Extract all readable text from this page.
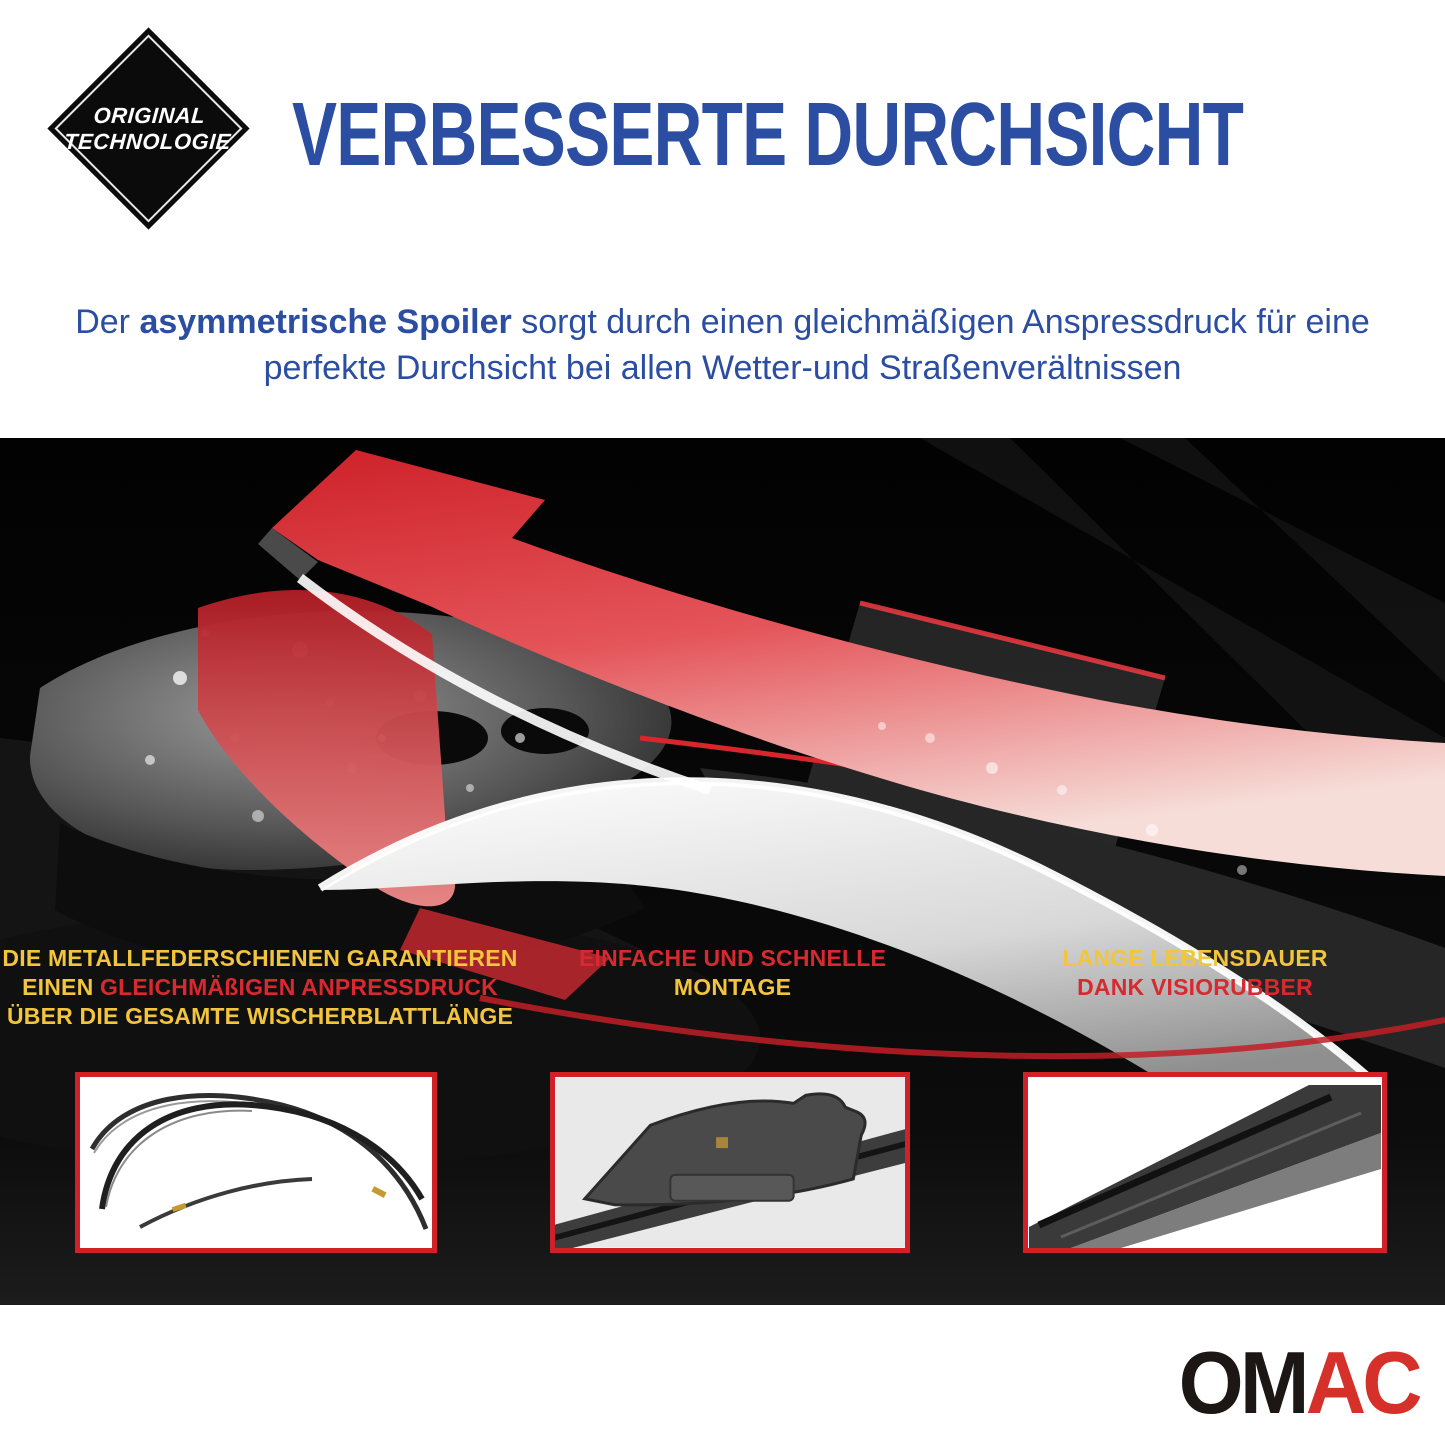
ORIGINAL
TECHNOLOGIE VERBESSERTE DURCHSICHT

Der asymmetrische Spoiler sorgt durch einen gleichmäßigen Anspressdruck für eine
perfekte Durchsicht bei allen Wetter-und Straßenverältnissen

DIE METALLFEDERSCHIENEN GARANTIEREN
EINEN GLEICHMÄßIGEN ANPRESSDRUCK
ÜBER DIE GESAMTE WISCHERBLATTLÄNGE
EINFACHE UND SCHNELLE
MONTAGE
LANGE LEBENSDAUER
DANK VISIORUBBER
OMAC
